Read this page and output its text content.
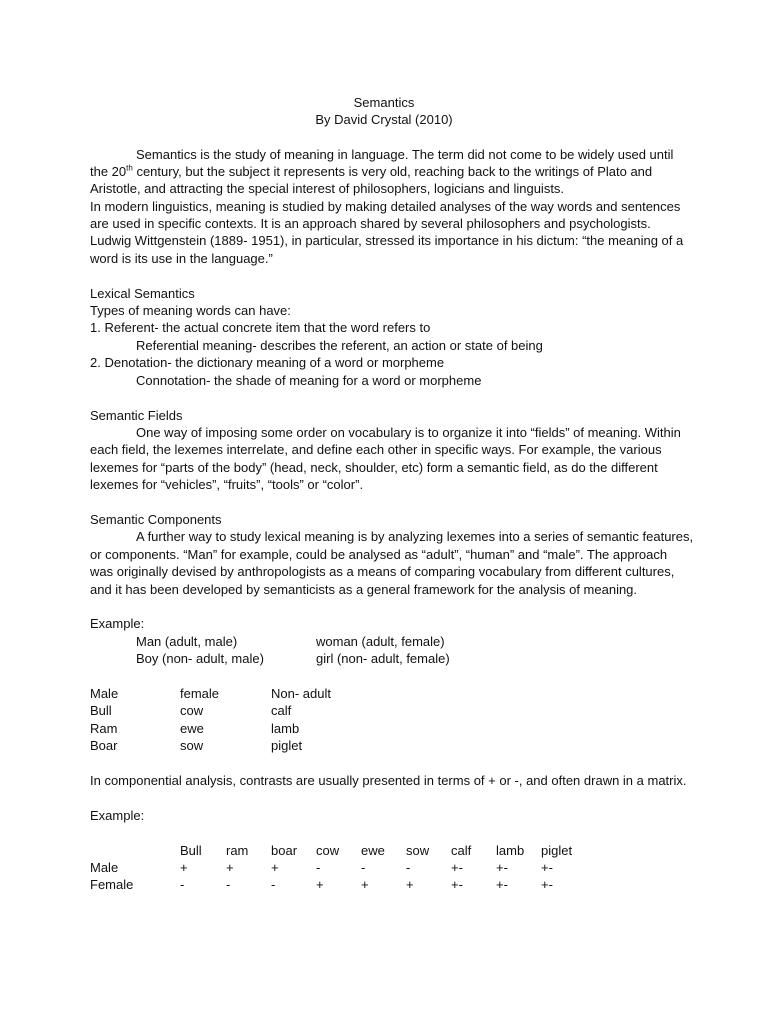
Semantics
By David Crystal (2010)
Semantics is the study of meaning in language. The term did not come to be widely used until
the 20th century, but the subject it represents is very old, reaching back to the writings of Plato and
Aristotle, and attracting the special interest of philosophers, logicians and linguists.
In modern linguistics, meaning is studied by making detailed analyses of the way words and sentences
are used in specific contexts. It is an approach shared by several philosophers and psychologists.
Ludwig Wittgenstein (1889- 1951), in particular, stressed its importance in his dictum: “the meaning of a
word is its use in the language.”
Lexical Semantics
Types of meaning words can have:
1. Referent- the actual concrete item that the word refers to
Referential meaning- describes the referent, an action or state of being
2. Denotation- the dictionary meaning of a word or morpheme
Connotation- the shade of meaning for a word or morpheme
Semantic Fields
One way of imposing some order on vocabulary is to organize it into “fields” of meaning. Within
each field, the lexemes interrelate, and define each other in specific ways. For example, the various
lexemes for “parts of the body” (head, neck, shoulder, etc) form a semantic field, as do the different
lexemes for “vehicles”, “fruits”, “tools” or “color”.
Semantic Components
A further way to study lexical meaning is by analyzing lexemes into a series of semantic features,
or components. “Man” for example, could be analysed as “adult”, “human” and “male”. The approach
was originally devised by anthropologists as a means of comparing vocabulary from different cultures,
and it has been developed by semanticists as a general framework for the analysis of meaning.
Example:
Man (adult, male)	woman (adult, female)
Boy (non- adult, male)	girl (non- adult, female)
Male	female	Non- adult
Bull	cow	calf
Ram	ewe	lamb
Boar	sow	piglet
In componential analysis, contrasts are usually presented in terms of + or -, and often drawn in a matrix.
Example:
Bull ram boar cow ewe sow calf lamb piglet
Male	+	+	+	-	-	-	+-	+-	+-
Female	-	-	-	+	+	+	+-	+-	+-
